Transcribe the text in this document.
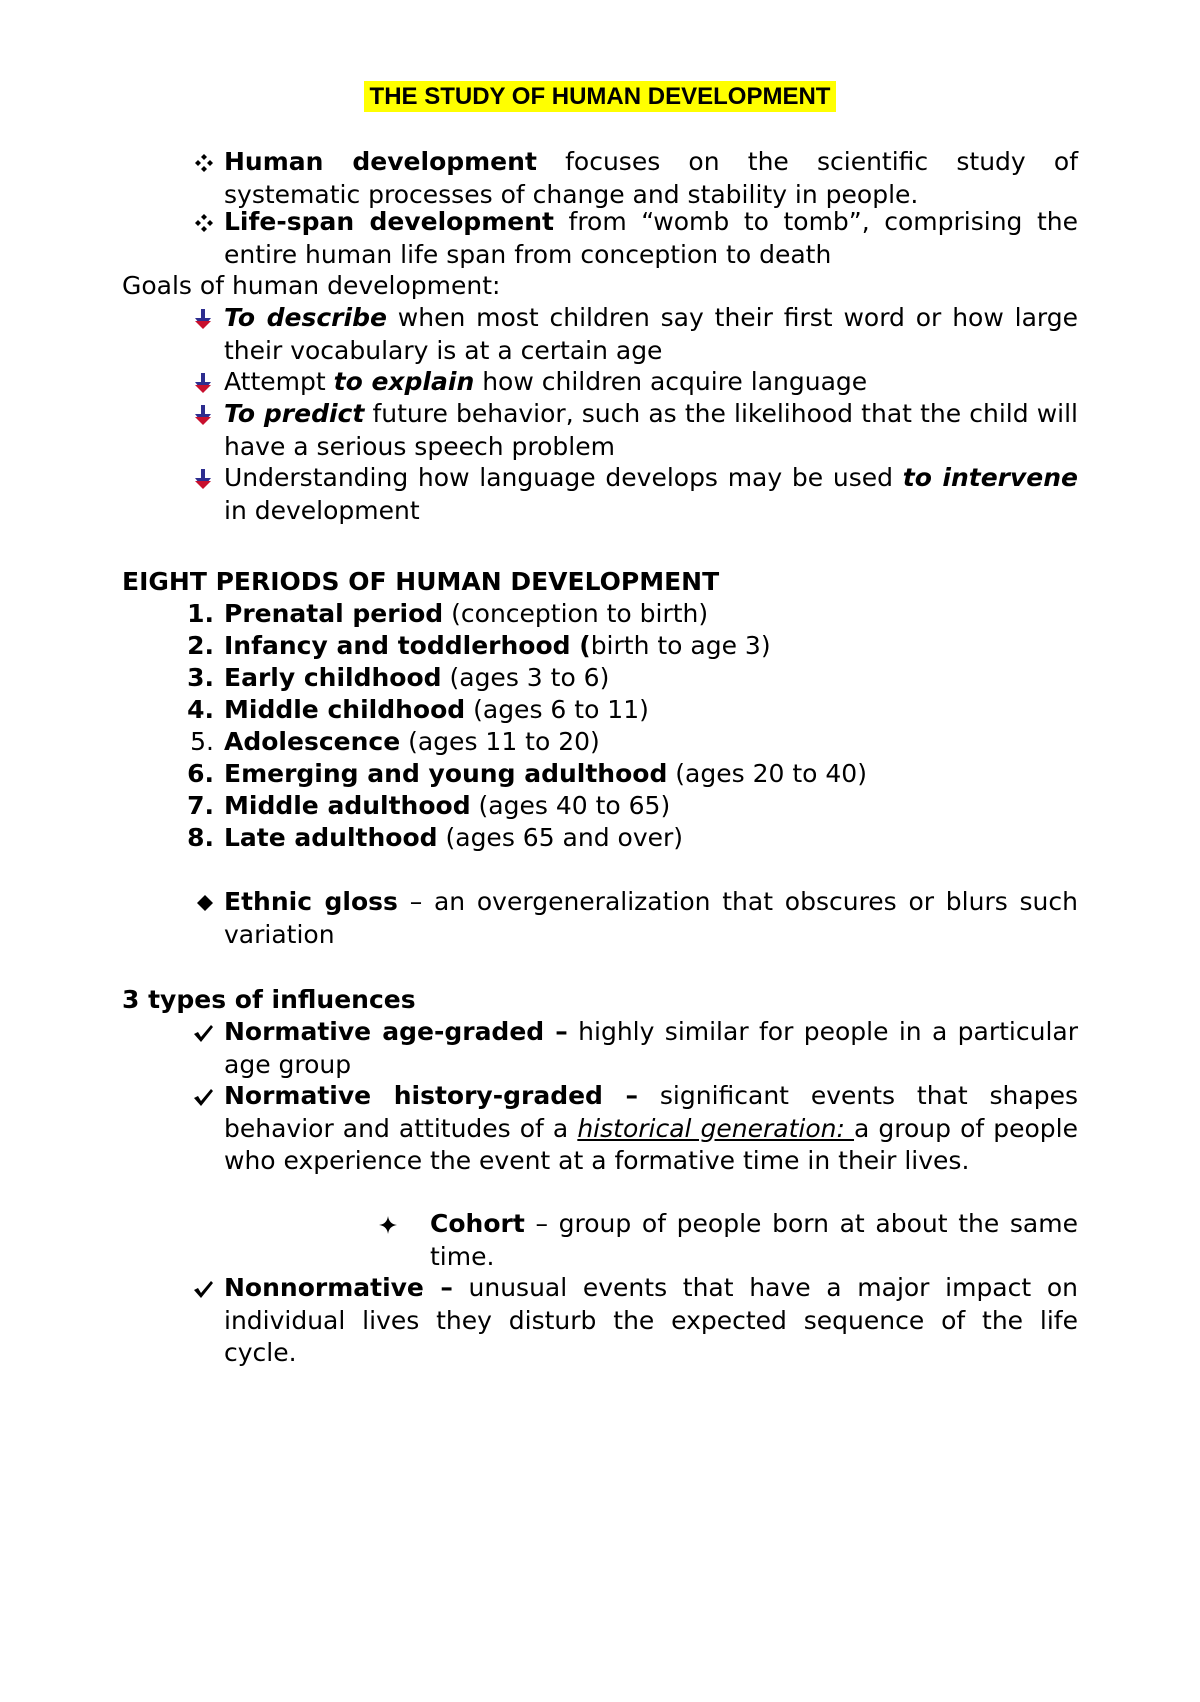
THE STUDY OF HUMAN DEVELOPMENT
Human development focuses on the scientific study of systematic processes of change and stability in people.
Life-span development from “womb to tomb”, comprising the entire human life span from conception to death
Goals of human development:
To describe when most children say their first word or how large their vocabulary is at a certain age
Attempt to explain how children acquire language
To predict future behavior, such as the likelihood that the child will have a serious speech problem
Understanding how language develops may be used to intervene in development
EIGHT PERIODS OF HUMAN DEVELOPMENT
1. Prenatal period (conception to birth)
2. Infancy and toddlerhood (birth to age 3)
3. Early childhood (ages 3 to 6)
4. Middle childhood (ages 6 to 11)
5. Adolescence (ages 11 to 20)
6. Emerging and young adulthood (ages 20 to 40)
7. Middle adulthood (ages 40 to 65)
8. Late adulthood (ages 65 and over)
Ethnic gloss – an overgeneralization that obscures or blurs such variation
3 types of influences
Normative age-graded – highly similar for people in a particular age group
Normative history-graded – significant events that shapes behavior and attitudes of a historical generation: a group of people who experience the event at a formative time in their lives.
Cohort – group of people born at about the same time.
Nonnormative – unusual events that have a major impact on individual lives they disturb the expected sequence of the life cycle.
